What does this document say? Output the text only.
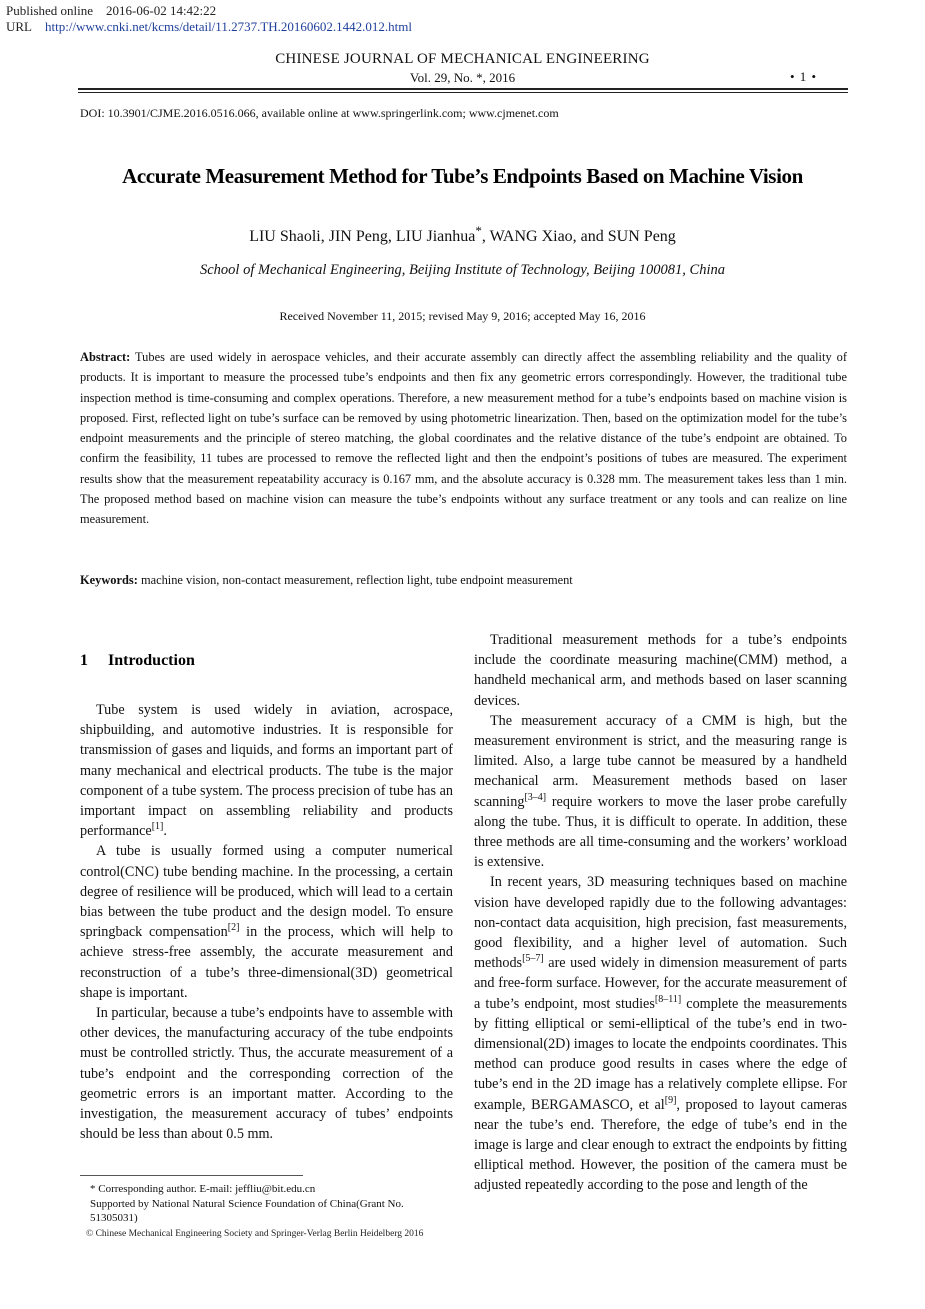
Published online 2016-06-02 14:42:22
URL http://www.cnki.net/kcms/detail/11.2737.TH.20160602.1442.012.html
CHINESE JOURNAL OF MECHANICAL ENGINEERING
Vol. 29, No. *, 2016	• 1 •
DOI: 10.3901/CJME.2016.0516.066, available online at www.springerlink.com; www.cjmenet.com
Accurate Measurement Method for Tube’s Endpoints Based on Machine Vision
LIU Shaoli, JIN Peng, LIU Jianhua*, WANG Xiao, and SUN Peng
School of Mechanical Engineering, Beijing Institute of Technology, Beijing 100081, China
Received November 11, 2015; revised May 9, 2016; accepted May 16, 2016
Abstract: Tubes are used widely in aerospace vehicles, and their accurate assembly can directly affect the assembling reliability and the quality of products. It is important to measure the processed tube’s endpoints and then fix any geometric errors correspondingly. However, the traditional tube inspection method is time-consuming and complex operations. Therefore, a new measurement method for a tube’s endpoints based on machine vision is proposed. First, reflected light on tube’s surface can be removed by using photometric linearization. Then, based on the optimization model for the tube’s endpoint measurements and the principle of stereo matching, the global coordinates and the relative distance of the tube’s endpoint are obtained. To confirm the feasibility, 11 tubes are processed to remove the reflected light and then the endpoint’s positions of tubes are measured. The experiment results show that the measurement repeatability accuracy is 0.167 mm, and the absolute accuracy is 0.328 mm. The measurement takes less than 1 min. The proposed method based on machine vision can measure the tube’s endpoints without any surface treatment or any tools and can realize on line measurement.
Keywords: machine vision, non-contact measurement, reflection light, tube endpoint measurement
1 Introduction

Tube system is used widely in aviation, acrospace, shipbuilding, and automotive industries. It is responsible for transmission of gases and liquids, and forms an important part of many mechanical and electrical products. The tube is the major component of a tube system. The process precision of tube has an important impact on assembling reliability and products performance[1].

A tube is usually formed using a computer numerical control(CNC) tube bending machine. In the processing, a certain degree of resilience will be produced, which will lead to a certain bias between the tube product and the design model. To ensure springback compensation[2] in the process, which will help to achieve stress-free assembly, the accurate measurement and reconstruction of a tube’s three-dimensional(3D) geometrical shape is important.

In particular, because a tube’s endpoints have to assemble with other devices, the manufacturing accuracy of the tube endpoints must be controlled strictly. Thus, the accurate measurement of a tube’s endpoint and the corresponding correction of the geometric errors is an important matter. According to the investigation, the measurement accuracy of tubes’ endpoints should be less than about 0.5 mm.

Traditional measurement methods for a tube’s endpoints include the coordinate measuring machine(CMM) method, a handheld mechanical arm, and methods based on laser scanning devices.

The measurement accuracy of a CMM is high, but the measurement environment is strict, and the measuring range is limited. Also, a large tube cannot be measured by a handheld mechanical arm. Measurement methods based on laser scanning[3–4] require workers to move the laser probe carefully along the tube. Thus, it is difficult to operate. In addition, these three methods are all time-consuming and the workers’ workload is extensive.

In recent years, 3D measuring techniques based on machine vision have developed rapidly due to the following advantages: non-contact data acquisition, high precision, fast measurements, good flexibility, and a higher level of automation. Such methods[5–7] are used widely in dimension measurement of parts and free-form surface. However, for the accurate measurement of a tube’s endpoint, most studies[8–11] complete the measurements by fitting elliptical or semi-elliptical of the tube’s end in two-dimensional(2D) images to locate the endpoints coordinates. This method can produce good results in cases where the edge of tube’s end in the 2D image has a relatively complete ellipse. For example, BERGAMASCO, et al[9], proposed to layout cameras near the tube’s end. Therefore, the edge of tube’s end in the image is large and clear enough to extract the endpoints by fitting elliptical method. However, the position of the camera must be adjusted repeatedly according to the pose and length of the

* Corresponding author. E-mail: jeffliu@bit.edu.cn
Supported by National Natural Science Foundation of China(Grant No. 51305031)
© Chinese Mechanical Engineering Society and Springer-Verlag Berlin Heidelberg 2016
